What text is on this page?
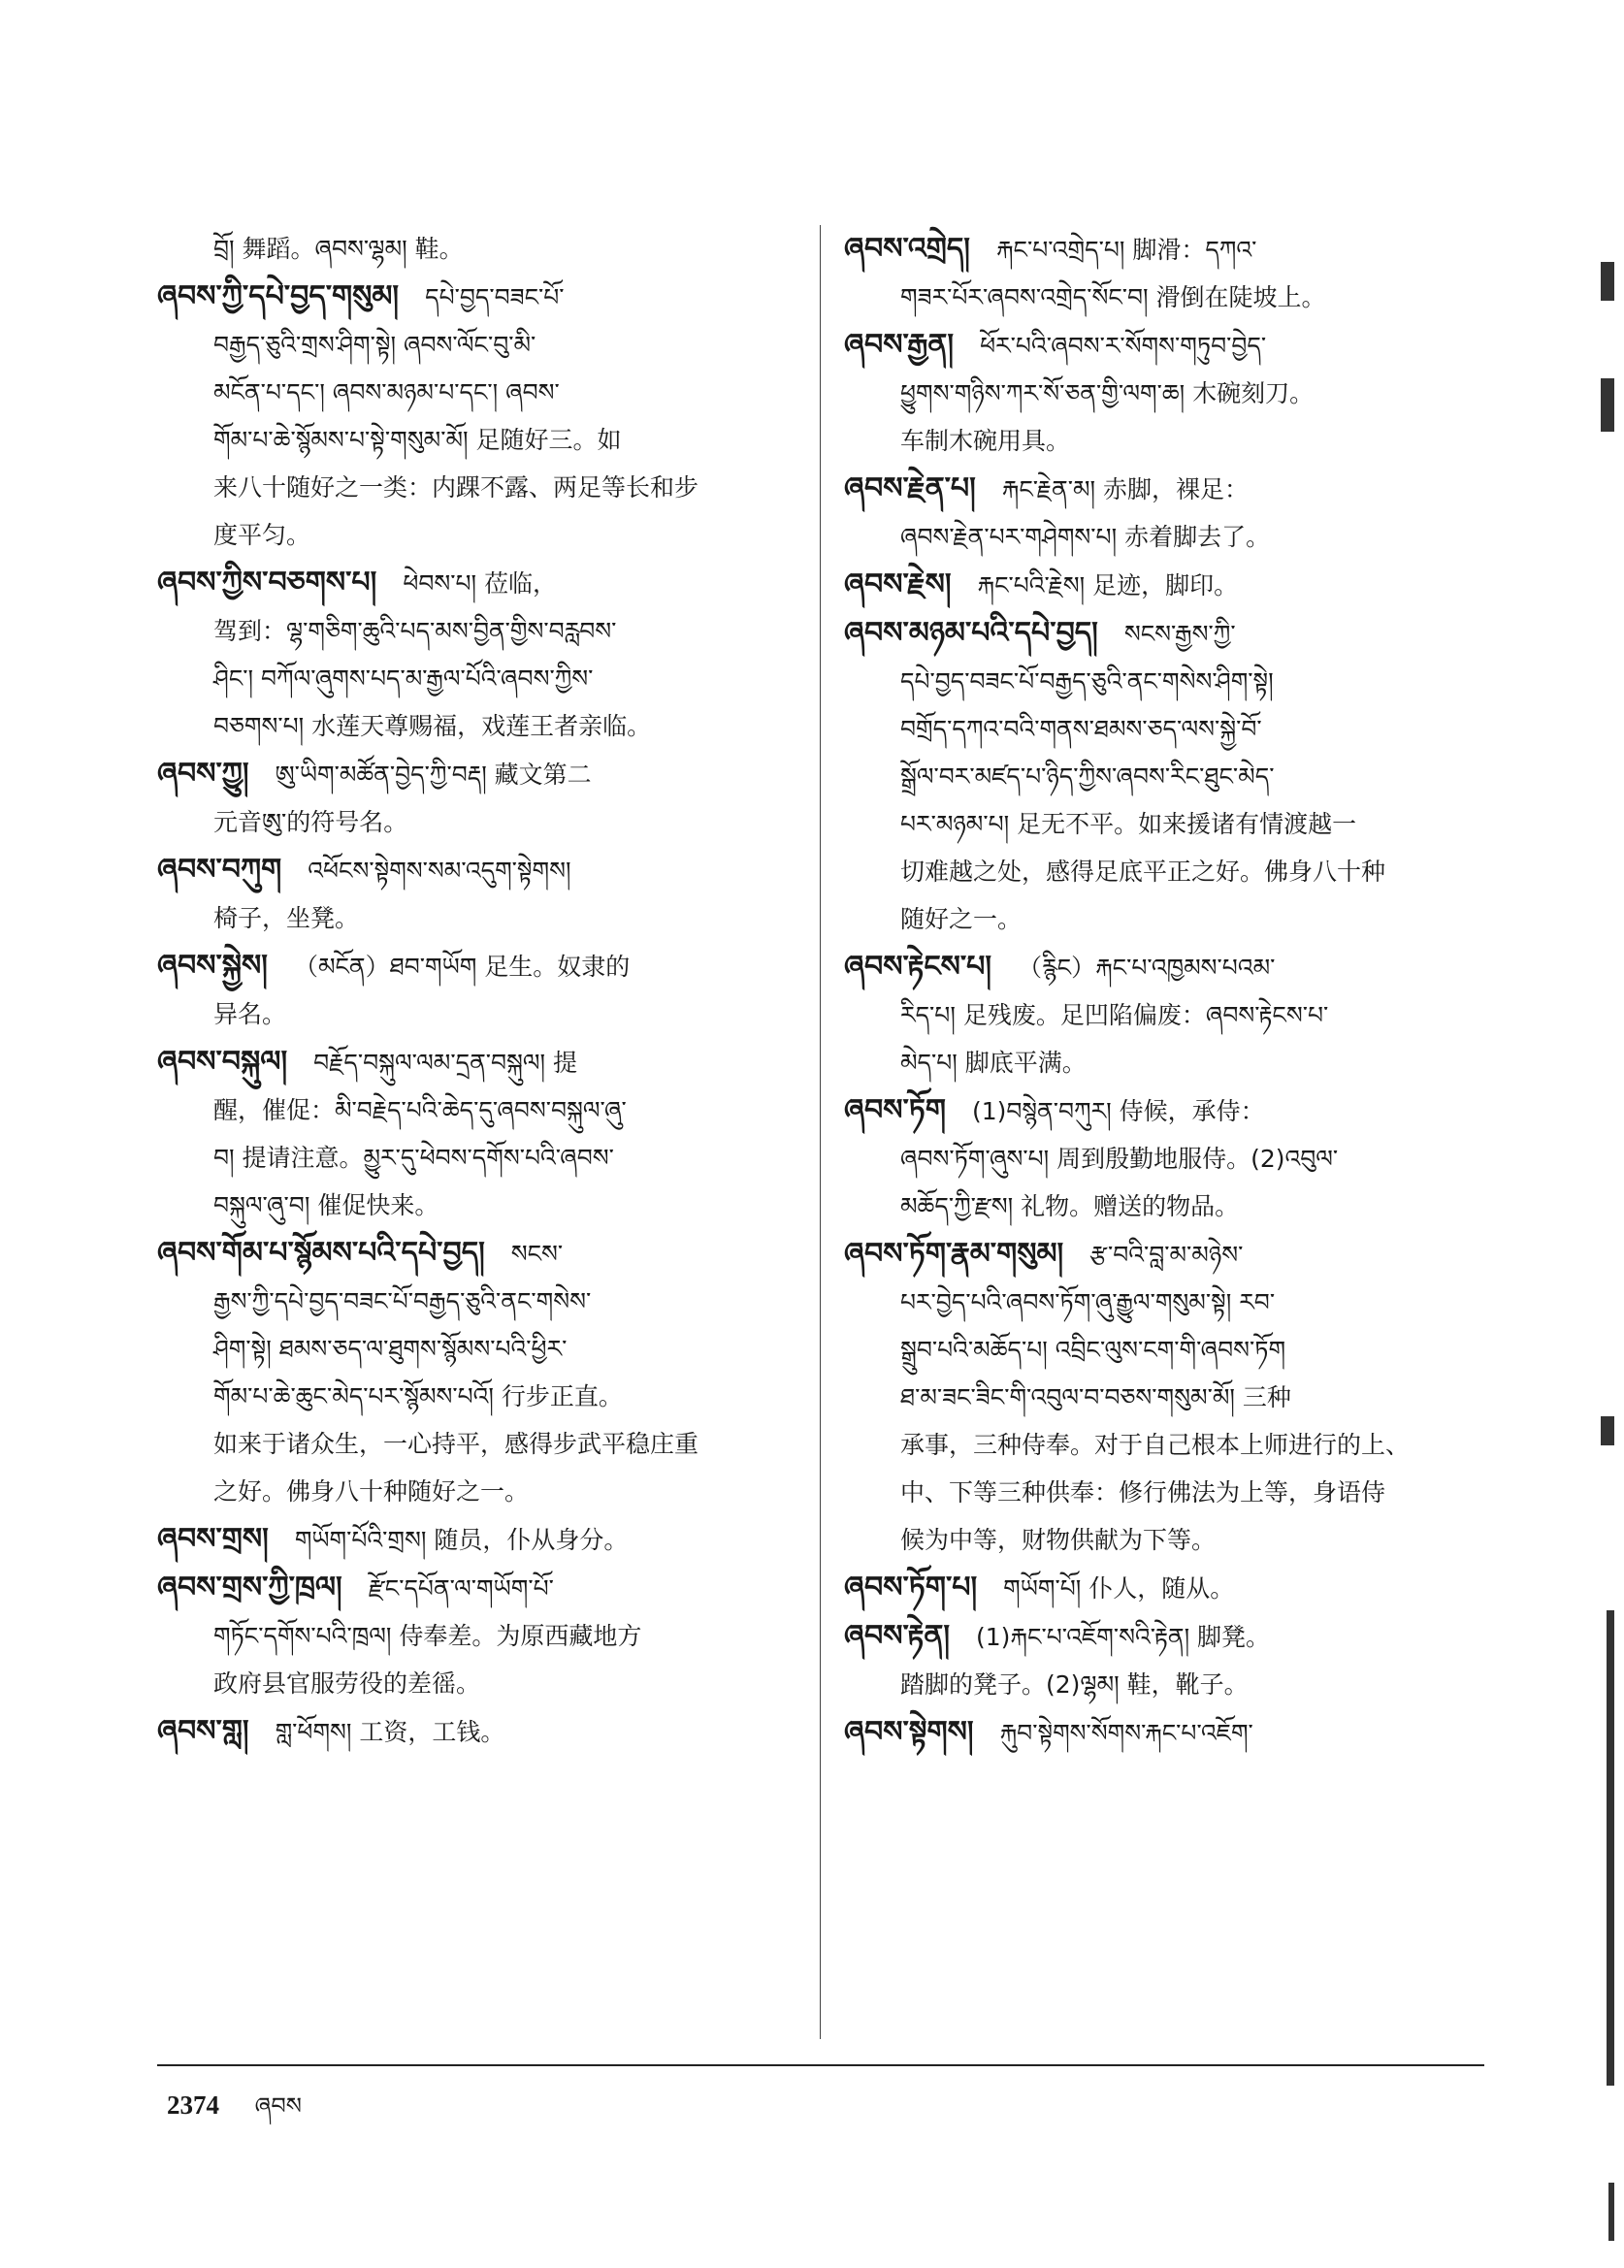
བྲོ། 舞蹈。ཞབས་ལྷམ། 鞋。
ཞབས་ཀྱི་དཔེ་བྱད་གསུམ།  དཔེ་བྱད་བཟང་པོ་
བརྒྱད་ཅུའི་གྲས་ཤིག་སྟེ། ཞབས་ལོང་བུ་མི་
མངོན་པ་དང་། ཞབས་མཉམ་པ་དང་། ཞབས་
གོམ་པ་ཆེ་སྙོམས་པ་སྟེ་གསུམ་མོ། 足随好三。如
来八十随好之一类：内踝不露、两足等长和步
度平匀。
ཞབས་ཀྱིས་བཅགས་པ།  ཕེབས་པ། 莅临，
驾到：ལྷ་གཅིག་ཆུའི་པད་མས་བྱིན་གྱིས་བརླབས་
ཤིང་། བཀོལ་ཞུགས་པད་མ་རྒྱལ་པོའི་ཞབས་ཀྱིས་
བཅགས་པ། 水莲天尊赐福，戏莲王者亲临。
ཞབས་ཀྱུ།  ཨུ་ཡིག་མཚོན་བྱེད་ཀྱི་བརྡ། 藏文第二
元音ཨུ་的符号名。
ཞབས་བཀུག  འཕོངས་སྟེགས་སམ་འདུག་སྟེགས།
椅子，坐凳。
ཞབས་སྐྱེས།  （མངོན）ཐབ་གཡོག 足生。奴隶的
异名。
ཞབས་བསྐུལ།  བརྗོད་བསྐུལ་ལམ་དྲན་བསྐུལ། 提
醒，催促：མི་བརྗེད་པའི་ཆེད་དུ་ཞབས་བསྐུལ་ཞུ་
བ། 提请注意。མྱུར་དུ་ཕེབས་དགོས་པའི་ཞབས་
བསྐུལ་ཞུ་བ། 催促快来。
ཞབས་གོམ་པ་སྙོམས་པའི་དཔེ་བྱད།  སངས་
རྒྱས་ཀྱི་དཔེ་བྱད་བཟང་པོ་བརྒྱད་ཅུའི་ནང་གསེས་
ཤིག་སྟེ། ཐམས་ཅད་ལ་ཐུགས་སྙོམས་པའི་ཕྱིར་
གོམ་པ་ཆེ་ཆུང་མེད་པར་སྙོམས་པའོ། 行步正直。
如来于诸众生，一心持平，感得步武平稳庄重
之好。佛身八十种随好之一。
ཞབས་གྲས།  གཡོག་པོའི་གྲས། 随员，仆从身分。
ཞབས་གྲས་ཀྱི་ཁྲལ།  རྫོང་དཔོན་ལ་གཡོག་པོ་
གཏོང་དགོས་པའི་ཁྲལ། 侍奉差。为原西藏地方
政府县官服劳役的差徭。
ཞབས་གླ།  གླ་ཕོགས། 工资，工钱。
ཞབས་འགྲེད།  རྐང་པ་འགྲེད་པ། 脚滑：དཀའ་
གཟར་པོར་ཞབས་འགྲེད་སོང་བ། 滑倒在陡坡上。
ཞབས་རྒྱན།  ཕོར་པའི་ཞབས་ར་སོགས་གཏུབ་བྱེད་
ཕྱུགས་གཉིས་ཀར་སོ་ཅན་གྱི་ལག་ཆ། 木碗刻刀。
车制木碗用具。
ཞབས་རྗེན་པ།  རྐང་རྗེན་མ། 赤脚，裸足：
ཞབས་རྗེན་པར་གཤེགས་པ། 赤着脚去了。
ཞབས་རྗེས།  རྐང་པའི་རྗེས། 足迹，脚印。
ཞབས་མཉམ་པའི་དཔེ་བྱད།  སངས་རྒྱས་ཀྱི་
དཔེ་བྱད་བཟང་པོ་བརྒྱད་ཅུའི་ནང་གསེས་ཤིག་སྟེ།
བགྲོད་དཀའ་བའི་གནས་ཐམས་ཅད་ལས་སྐྱེ་བོ་
སྒྲོལ་བར་མཛད་པ་ཉིད་ཀྱིས་ཞབས་རིང་ཐུང་མེད་
པར་མཉམ་པ། 足无不平。如来援诸有情渡越一
切难越之处，感得足底平正之好。佛身八十种
随好之一。
ཞབས་རྟེངས་པ།  （རྙིང）རྐང་པ་འཁྱམས་པའམ་
རིད་པ། 足残废。足凹陷偏废：ཞབས་རྟེངས་པ་
མེད་པ། 脚底平满。
ཞབས་ཏོག  (1)བསྙེན་བཀུར། 侍候，承侍：
ཞབས་ཏོག་ཞུས་པ། 周到殷勤地服侍。(2)འབུལ་
མཆོད་ཀྱི་རྫས། 礼物。赠送的物品。
ཞབས་ཏོག་རྣམ་གསུམ།  རྩ་བའི་བླ་མ་མཉེས་
པར་བྱེད་པའི་ཞབས་ཏོག་ཞུ་རྒྱུལ་གསུམ་སྟེ། རབ་
སྒྲུབ་པའི་མཆོད་པ། འབྲིང་ལུས་ངག་གི་ཞབས་ཏོག
ཐ་མ་ཟང་ཟིང་གི་འབུལ་བ་བཅས་གསུམ་མོ། 三种
承事，三种侍奉。对于自己根本上师进行的上、
中、下等三种供奉：修行佛法为上等，身语侍
候为中等，财物供献为下等。
ཞབས་ཏོག་པ།  གཡོག་པོ། 仆人，随从。
ཞབས་རྟེན།  (1)རྐང་པ་འཇོག་སའི་རྟེན། 脚凳。
踏脚的凳子。(2)ལྷམ། 鞋，靴子。
ཞབས་སྟེགས།  རྐུབ་སྟེགས་སོགས་རྐང་པ་འཇོག་
2374 ཞབས
